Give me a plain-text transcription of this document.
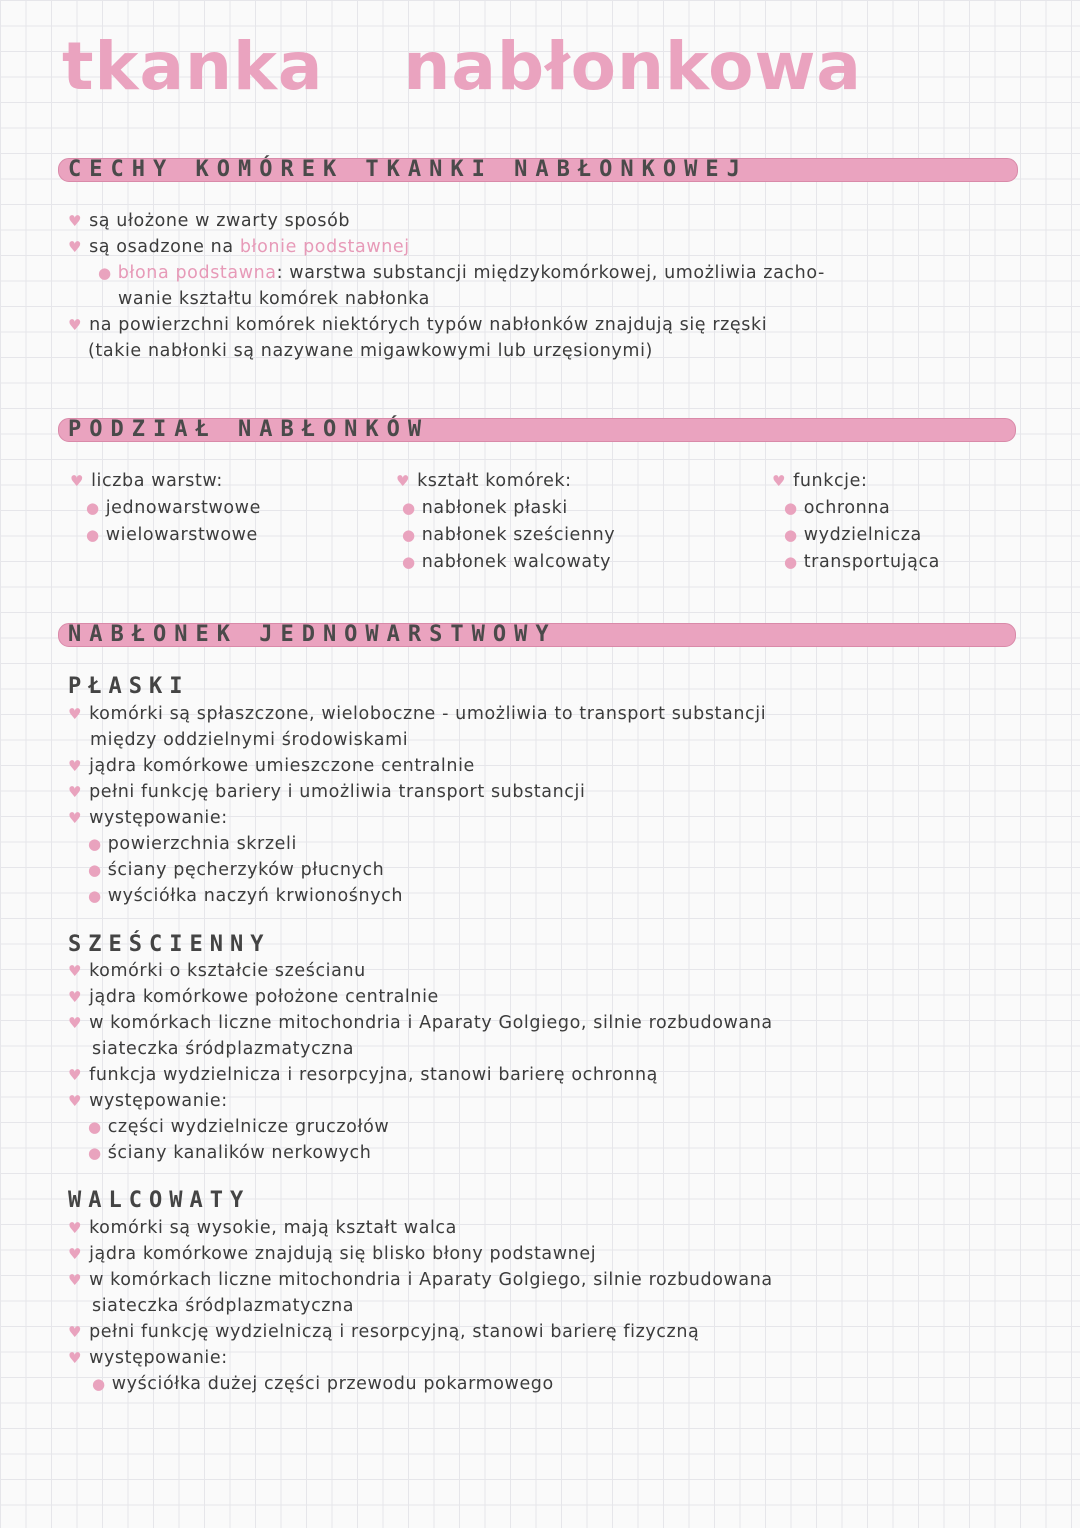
tkanka nabłonkowa
CECHY KOMÓREK TKANKI NABŁONKOWEJ
♥ są ułożone w zwarty sposób
♥ są osadzone na błonie podstawnej
● błona podstawna: warstwa substancji międzykomórkowej, umożliwia zacho-
wanie kształtu komórek nabłonka
♥ na powierzchni komórek niektórych typów nabłonków znajdują się rzęski
(takie nabłonki są nazywane migawkowymi lub urzęsionymi)
PODZIAŁ NABŁONKÓW
♥ liczba warstw:
● jednowarstwowe
● wielowarstwowe
♥ kształt komórek:
● nabłonek płaski
● nabłonek sześcienny
● nabłonek walcowaty
♥ funkcje:
● ochronna
● wydzielnicza
● transportująca
NABŁONEK JEDNOWARSTWOWY
PŁASKI
♥ komórki są spłaszczone, wieloboczne - umożliwia to transport substancji
między oddzielnymi środowiskami
♥ jądra komórkowe umieszczone centralnie
♥ pełni funkcję bariery i umożliwia transport substancji
♥ występowanie:
● powierzchnia skrzeli
● ściany pęcherzyków płucnych
● wyściółka naczyń krwionośnych
SZEŚCIENNY
♥ komórki o kształcie sześcianu
♥ jądra komórkowe położone centralnie
♥ w komórkach liczne mitochondria i Aparaty Golgiego, silnie rozbudowana
siateczka śródplazmatyczna
♥ funkcja wydzielnicza i resorpcyjna, stanowi barierę ochronną
♥ występowanie:
● części wydzielnicze gruczołów
● ściany kanalików nerkowych
WALCOWATY
♥ komórki są wysokie, mają kształt walca
♥ jądra komórkowe znajdują się blisko błony podstawnej
♥ w komórkach liczne mitochondria i Aparaty Golgiego, silnie rozbudowana
siateczka śródplazmatyczna
♥ pełni funkcję wydzielniczą i resorpcyjną, stanowi barierę fizyczną
♥ występowanie:
● wyściółka dużej części przewodu pokarmowego
